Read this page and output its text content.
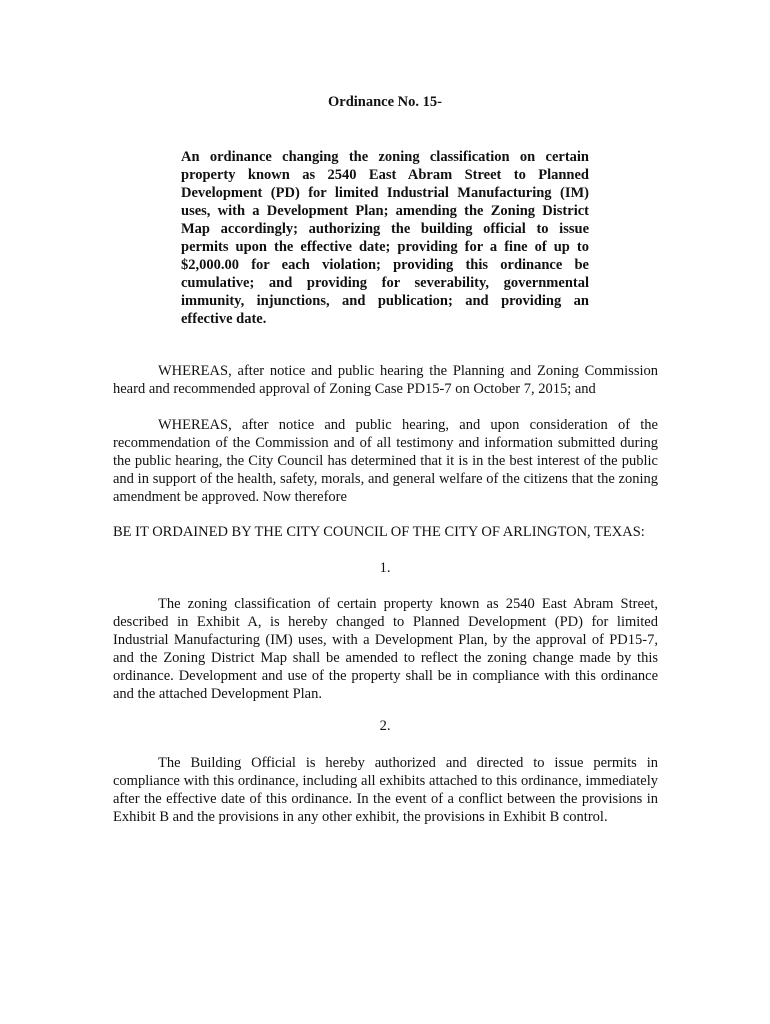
Ordinance No. 15-
An ordinance changing the zoning classification on certain property known as 2540 East Abram Street to Planned Development (PD) for limited Industrial Manufacturing (IM) uses, with a Development Plan; amending the Zoning District Map accordingly; authorizing the building official to issue permits upon the effective date; providing for a fine of up to $2,000.00 for each violation; providing this ordinance be cumulative; and providing for severability, governmental immunity, injunctions, and publication; and providing an effective date.
WHEREAS, after notice and public hearing the Planning and Zoning Commission heard and recommended approval of Zoning Case PD15-7 on October 7, 2015; and
WHEREAS, after notice and public hearing, and upon consideration of the recommendation of the Commission and of all testimony and information submitted during the public hearing, the City Council has determined that it is in the best interest of the public and in support of the health, safety, morals, and general welfare of the citizens that the zoning amendment be approved. Now therefore
BE IT ORDAINED BY THE CITY COUNCIL OF THE CITY OF ARLINGTON, TEXAS:
1.
The zoning classification of certain property known as 2540 East Abram Street, described in Exhibit A, is hereby changed to Planned Development (PD) for limited Industrial Manufacturing (IM) uses, with a Development Plan, by the approval of PD15-7, and the Zoning District Map shall be amended to reflect the zoning change made by this ordinance. Development and use of the property shall be in compliance with this ordinance and the attached Development Plan.
2.
The Building Official is hereby authorized and directed to issue permits in compliance with this ordinance, including all exhibits attached to this ordinance, immediately after the effective date of this ordinance. In the event of a conflict between the provisions in Exhibit B and the provisions in any other exhibit, the provisions in Exhibit B control.
